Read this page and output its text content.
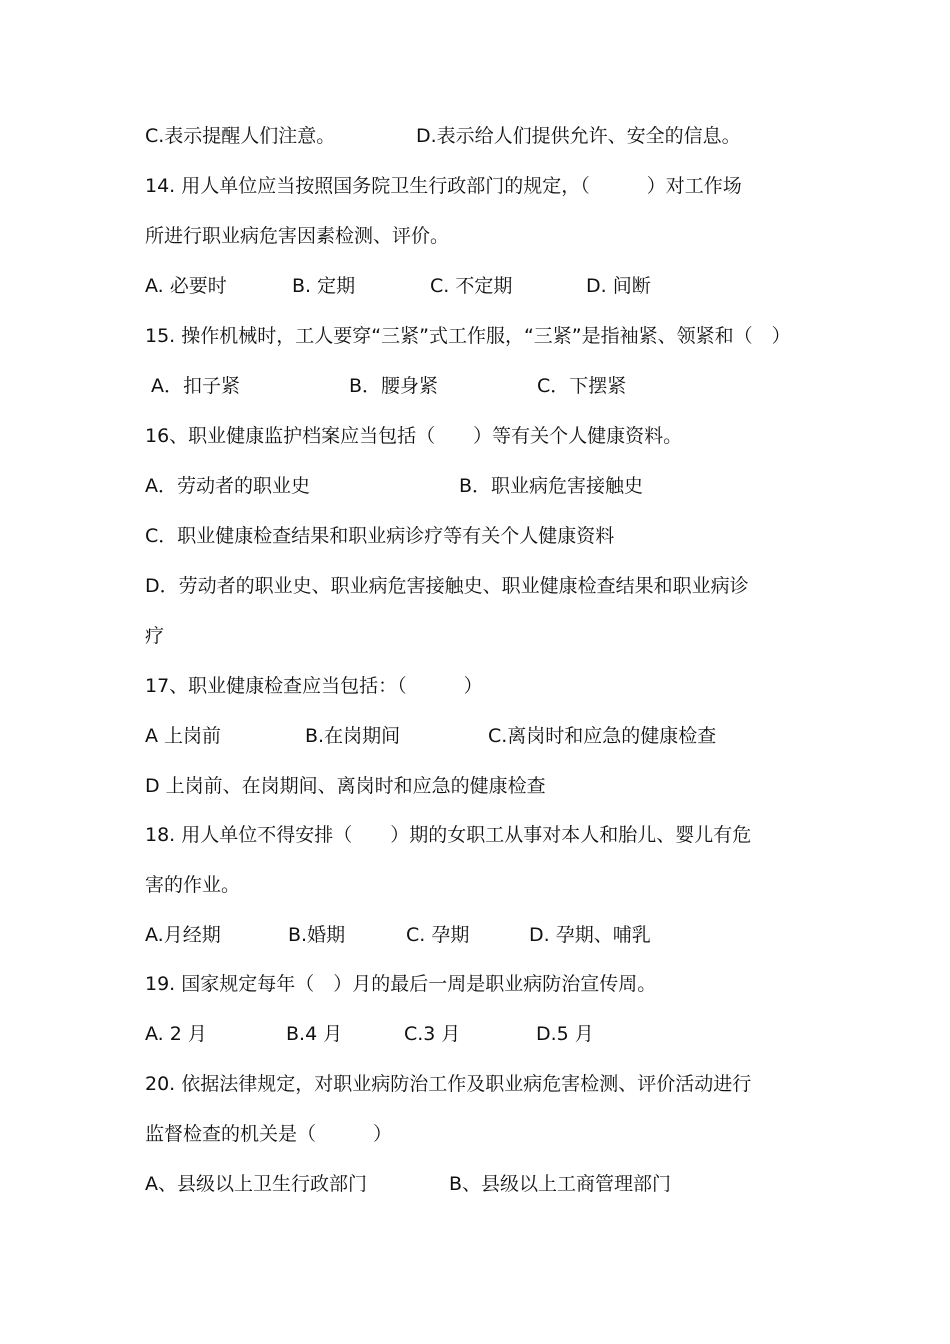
C.表示提醒人们注意。

	D.表示给人们提供允许、安全的信息。

14. 用人单位应当按照国务院卫生行政部门的规定，（　　　）对工作场

所进行职业病危害因素检测、评价。

A. 必要时

	B. 定期

	C. 不定期

	D. 间断

15. 操作机械时，工人要穿“三紧”式工作服，“三紧”是指袖紧、领紧和（　）

A．扣子紧

	B．腰身紧

	C．下摆紧

16、职业健康监护档案应当包括（　　）等有关个人健康资料。

A．劳动者的职业史

	B．职业病危害接触史

C．职业健康检查结果和职业病诊疗等有关个人健康资料

D．劳动者的职业史、职业病危害接触史、职业健康检查结果和职业病诊

疗

17、职业健康检查应当包括：（　　　）

A 上岗前

	B.在岗期间

	C.离岗时和应急的健康检查

D 上岗前、在岗期间、离岗时和应急的健康检查

18. 用人单位不得安排（　　）期的女职工从事对本人和胎儿、婴儿有危

害的作业。

A.月经期

	B.婚期

	C. 孕期

	D. 孕期、哺乳

19. 国家规定每年（　）月的最后一周是职业病防治宣传周。

A. 2 月

	B.4 月

	C.3 月

	D.5 月

20. 依据法律规定，对职业病防治工作及职业病危害检测、评价活动进行

监督检查的机关是（　　　）

A、县级以上卫生行政部门

	B、县级以上工商管理部门
